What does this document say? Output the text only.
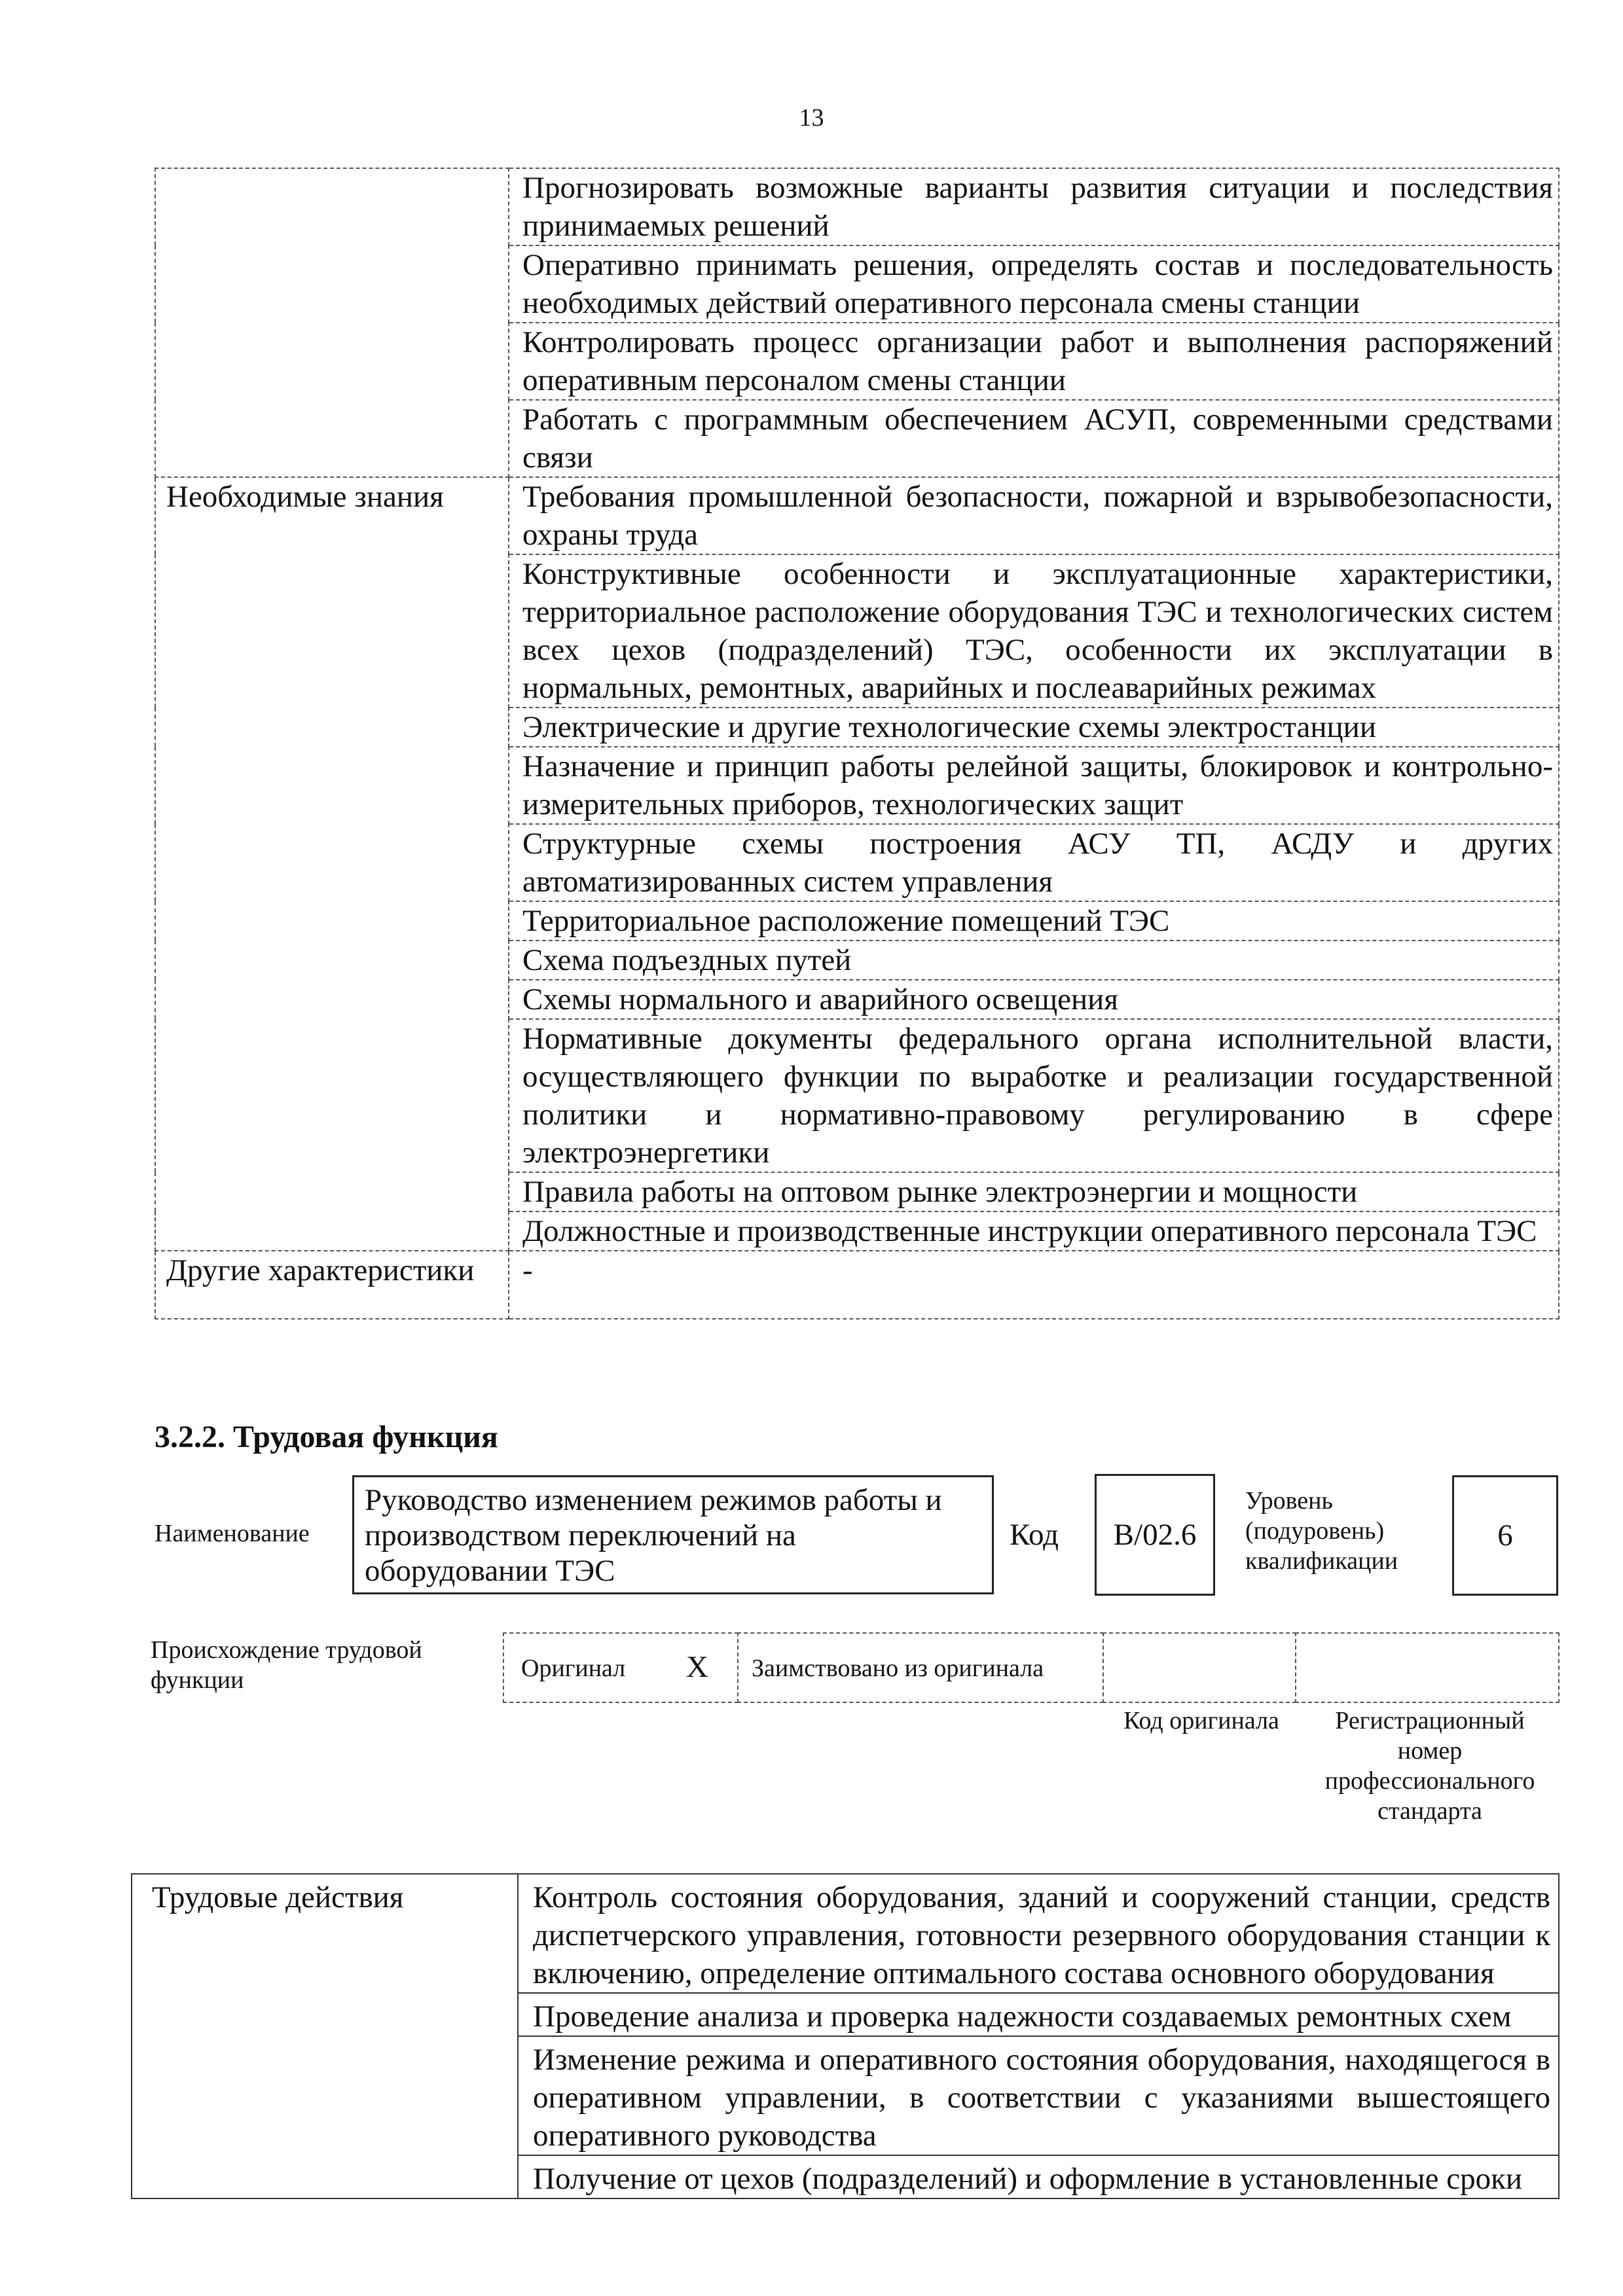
13
	Прогнозировать возможные варианты развития ситуации и последствия принимаемых решений
	Оперативно принимать решения, определять состав и последовательность необходимых действий оперативного персонала смены станции
	Контролировать процесс организации работ и выполнения распоряжений оперативным персоналом смены станции
	Работать с программным обеспечением АСУП, современными средствами связи
Необходимые знания	Требования промышленной безопасности, пожарной и взрывобезопасности, охраны труда
	Конструктивные особенности и эксплуатационные характеристики, территориальное расположение оборудования ТЭС и технологических систем всех цехов (подразделений) ТЭС, особенности их эксплуатации в нормальных, ремонтных, аварийных и послеаварийных режимах
	Электрические и другие технологические схемы электростанции
	Назначение и принцип работы релейной защиты, блокировок и контрольно-измерительных приборов, технологических защит
	Структурные схемы построения АСУ ТП, АСДУ и других автоматизированных систем управления
	Территориальное расположение помещений ТЭС
	Схема подъездных путей
	Схемы нормального и аварийного освещения
	Нормативные документы федерального органа исполнительной власти, осуществляющего функции по выработке и реализации государственной политики и нормативно-правовому регулированию в сфере электроэнергетики
	Правила работы на оптовом рынке электроэнергии и мощности
	Должностные и производственные инструкции оперативного персонала ТЭС
Другие характеристики	-
3.2.2. Трудовая функция
Наименование
Руководство изменением режимов работы и производством переключений на оборудовании ТЭС
Код	B/02.6
Уровень (подуровень) квалификации
6
Происхождение трудовой функции	Оригинал X Заимствовано из оригинала
Код оригинала	Регистрационный номер профессионального стандарта
Трудовые действия	Контроль состояния оборудования, зданий и сооружений станции, средств диспетчерского управления, готовности резервного оборудования станции к включению, определение оптимального состава основного оборудования
Проведение анализа и проверка надежности создаваемых ремонтных схем
Изменение режима и оперативного состояния оборудования, находящегося в оперативном управлении, в соответствии с указаниями вышестоящего оперативного руководства
Получение от цехов (подразделений) и оформление в установленные сроки
